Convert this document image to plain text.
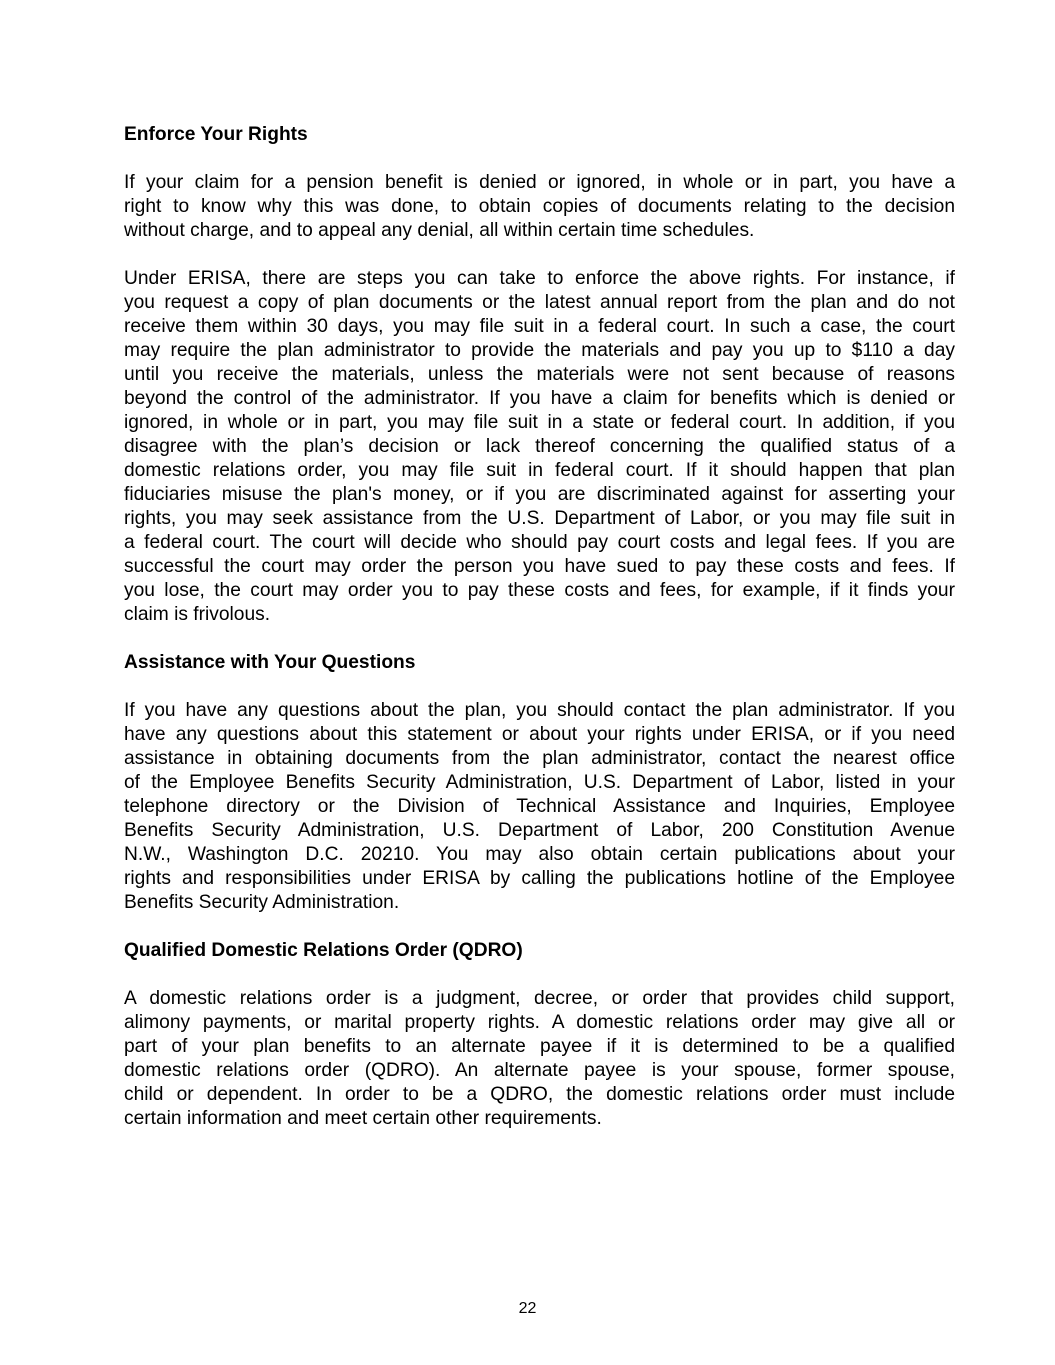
Enforce Your Rights

If your claim for a pension benefit is denied or ignored, in whole or in part, you have a
right to know why this was done, to obtain copies of documents relating to the decision
without charge, and to appeal any denial, all within certain time schedules.

Under ERISA, there are steps you can take to enforce the above rights. For instance, if
you request a copy of plan documents or the latest annual report from the plan and do not
receive them within 30 days, you may file suit in a federal court. In such a case, the court
may require the plan administrator to provide the materials and pay you up to $110 a day
until you receive the materials, unless the materials were not sent because of reasons
beyond the control of the administrator. If you have a claim for benefits which is denied or
ignored, in whole or in part, you may file suit in a state or federal court. In addition, if you
disagree with the plan’s decision or lack thereof concerning the qualified status of a
domestic relations order, you may file suit in federal court. If it should happen that plan
fiduciaries misuse the plan's money, or if you are discriminated against for asserting your
rights, you may seek assistance from the U.S. Department of Labor, or you may file suit in
a federal court. The court will decide who should pay court costs and legal fees. If you are
successful the court may order the person you have sued to pay these costs and fees. If
you lose, the court may order you to pay these costs and fees, for example, if it finds your
claim is frivolous.

Assistance with Your Questions

If you have any questions about the plan, you should contact the plan administrator. If you
have any questions about this statement or about your rights under ERISA, or if you need
assistance in obtaining documents from the plan administrator, contact the nearest office
of the Employee Benefits Security Administration, U.S. Department of Labor, listed in your
telephone directory or the Division of Technical Assistance and Inquiries, Employee
Benefits Security Administration, U.S. Department of Labor, 200 Constitution Avenue
N.W., Washington D.C. 20210. You may also obtain certain publications about your
rights and responsibilities under ERISA by calling the publications hotline of the Employee
Benefits Security Administration.

Qualified Domestic Relations Order (QDRO)

A domestic relations order is a judgment, decree, or order that provides child support,
alimony payments, or marital property rights. A domestic relations order may give all or
part of your plan benefits to an alternate payee if it is determined to be a qualified
domestic relations order (QDRO). An alternate payee is your spouse, former spouse,
child or dependent. In order to be a QDRO, the domestic relations order must include
certain information and meet certain other requirements.

22
